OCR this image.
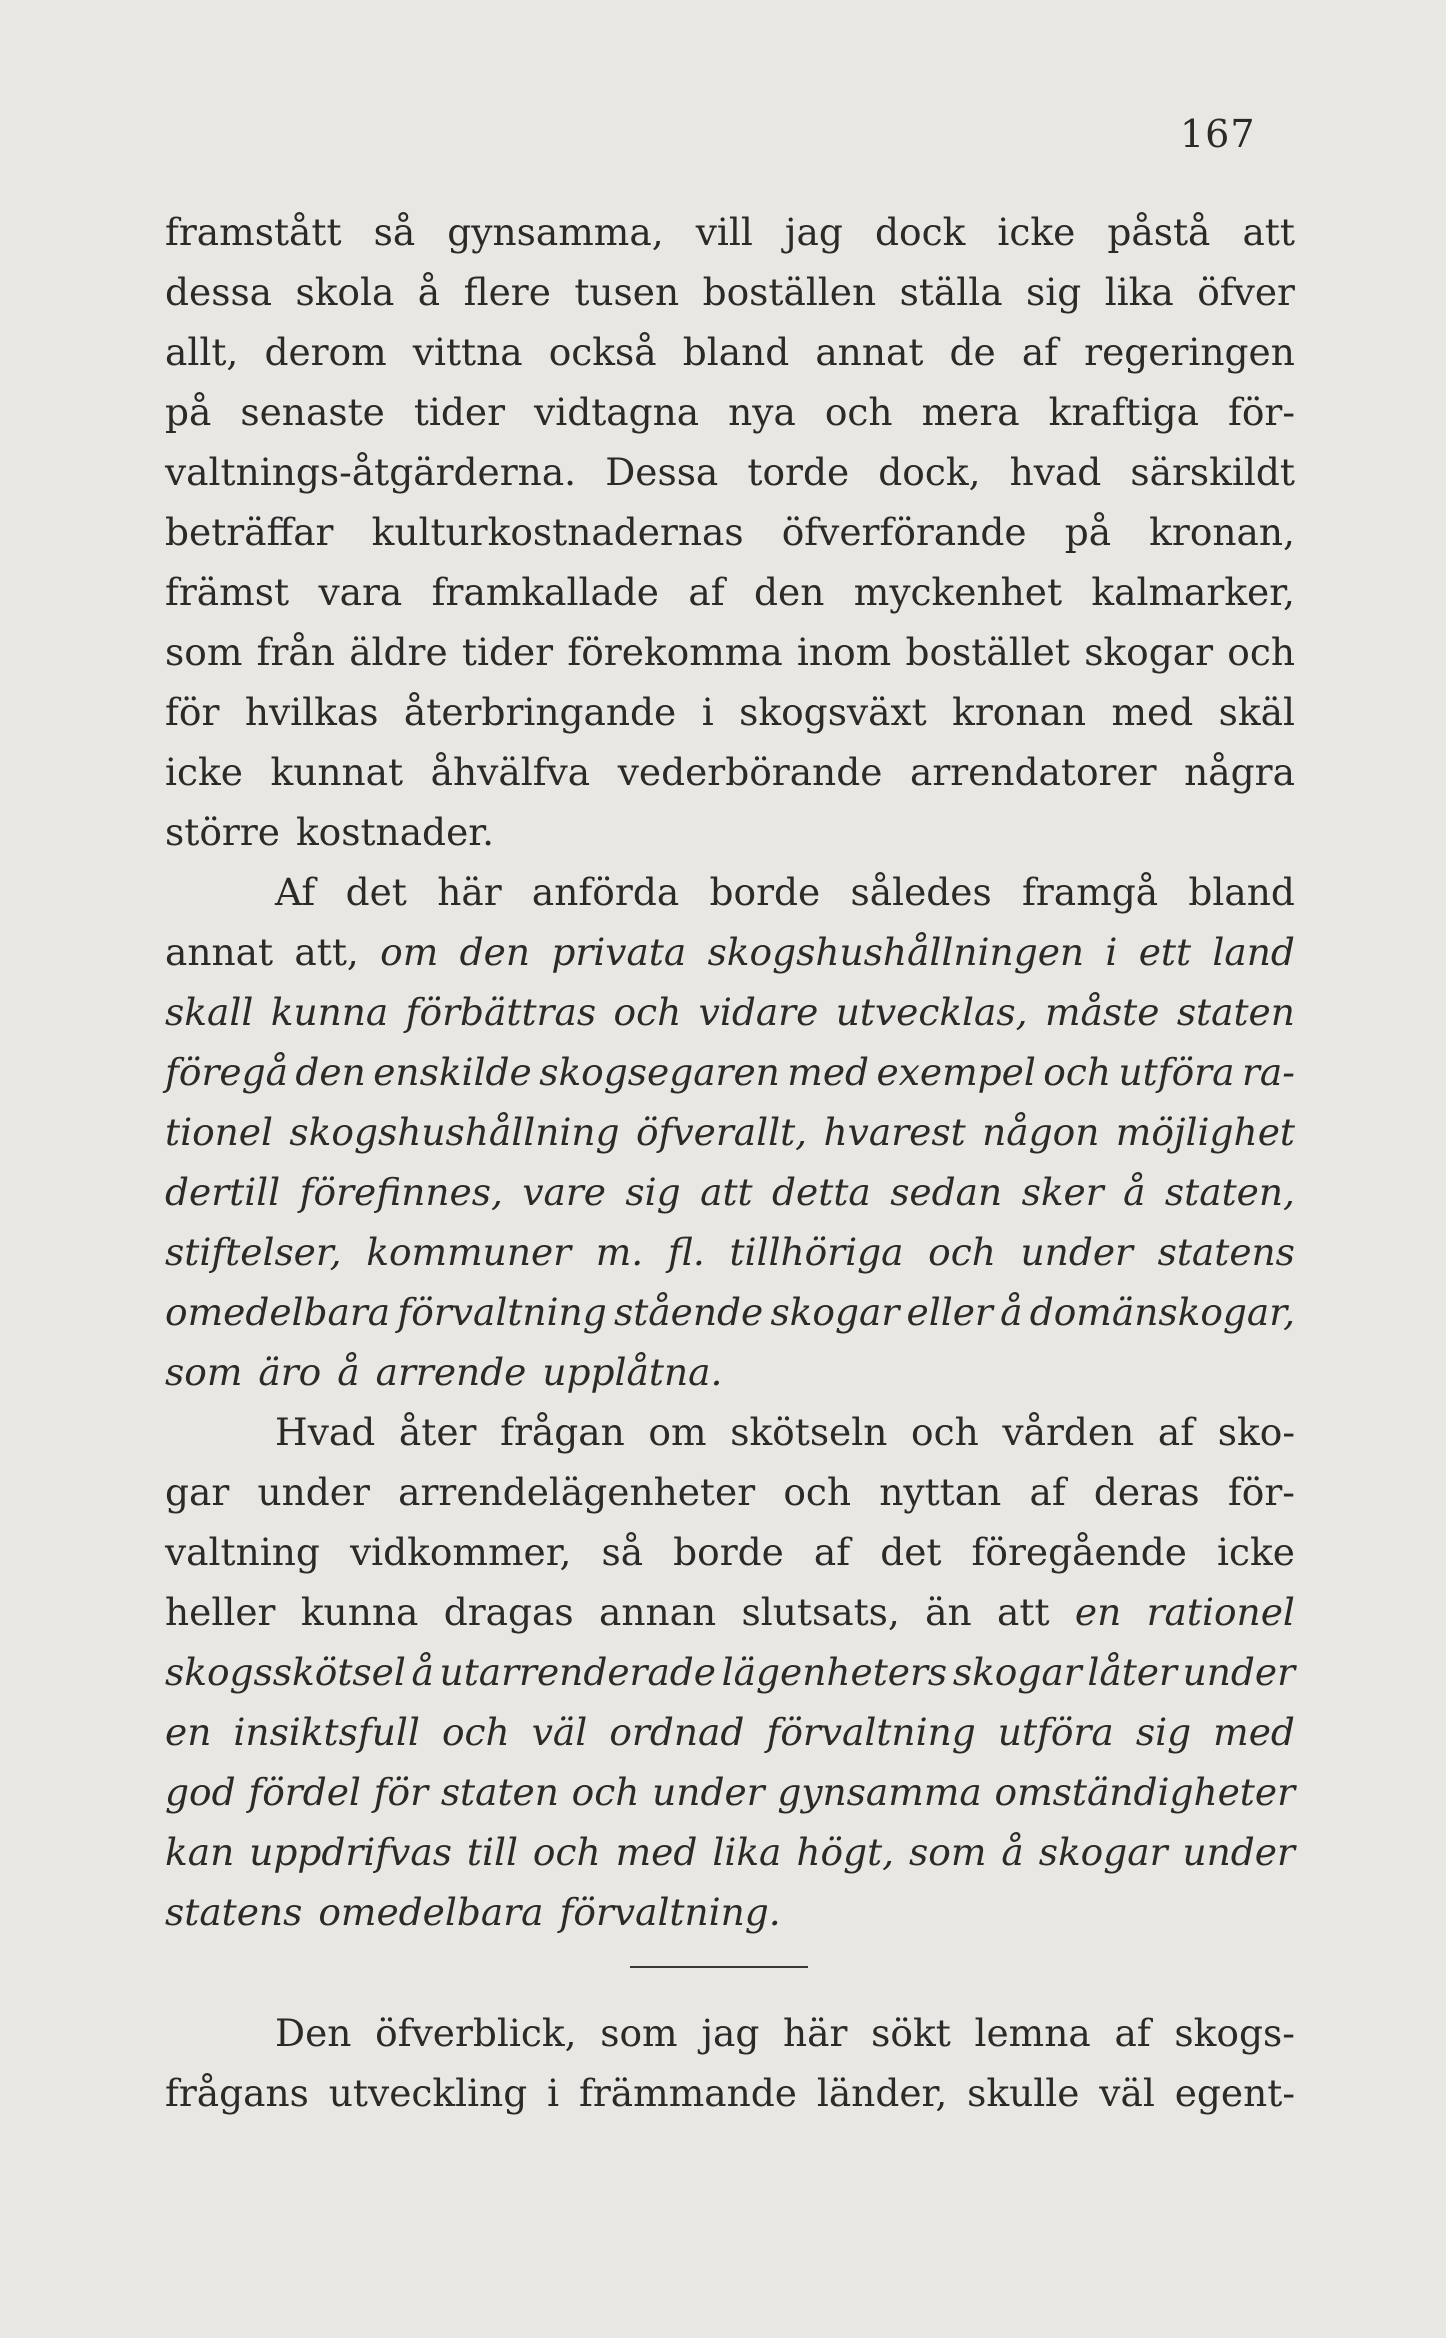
167
framstått så gynsamma, vill jag dock icke påstå att
dessa skola å flere tusen boställen ställa sig lika öfver
allt, derom vittna också bland annat de af regeringen
på senaste tider vidtagna nya och mera kraftiga för-
valtnings-åtgärderna. Dessa torde dock, hvad särskildt
beträffar kulturkostnadernas öfverförande på kronan,
främst vara framkallade af den myckenhet kalmarker,
som från äldre tider förekomma inom bostället skogar och
för hvilkas återbringande i skogsväxt kronan med skäl
icke kunnat åhvälfva vederbörande arrendatorer några
större kostnader.
Af det här anförda borde således framgå bland
annat att, om den privata skogshushållningen i ett land
skall kunna förbättras och vidare utvecklas, måste staten
föregå den enskilde skogsegaren med exempel och utföra ra-
tionel skogshushållning öfverallt, hvarest någon möjlighet
dertill förefinnes, vare sig att detta sedan sker å staten,
stiftelser, kommuner m. fl. tillhöriga och under statens
omedelbara förvaltning stående skogar eller å domänskogar,
som äro å arrende upplåtna.
Hvad åter frågan om skötseln och vården af sko-
gar under arrendelägenheter och nyttan af deras för-
valtning vidkommer, så borde af det föregående icke
heller kunna dragas annan slutsats, än att en rationel
skogsskötsel å utarrenderade lägenheters skogar låter under
en insiktsfull och väl ordnad förvaltning utföra sig med
god fördel för staten och under gynsamma omständigheter
kan uppdrifvas till och med lika högt, som å skogar under
statens omedelbara förvaltning.
Den öfverblick, som jag här sökt lemna af skogs-
frågans utveckling i främmande länder, skulle väl egent-
